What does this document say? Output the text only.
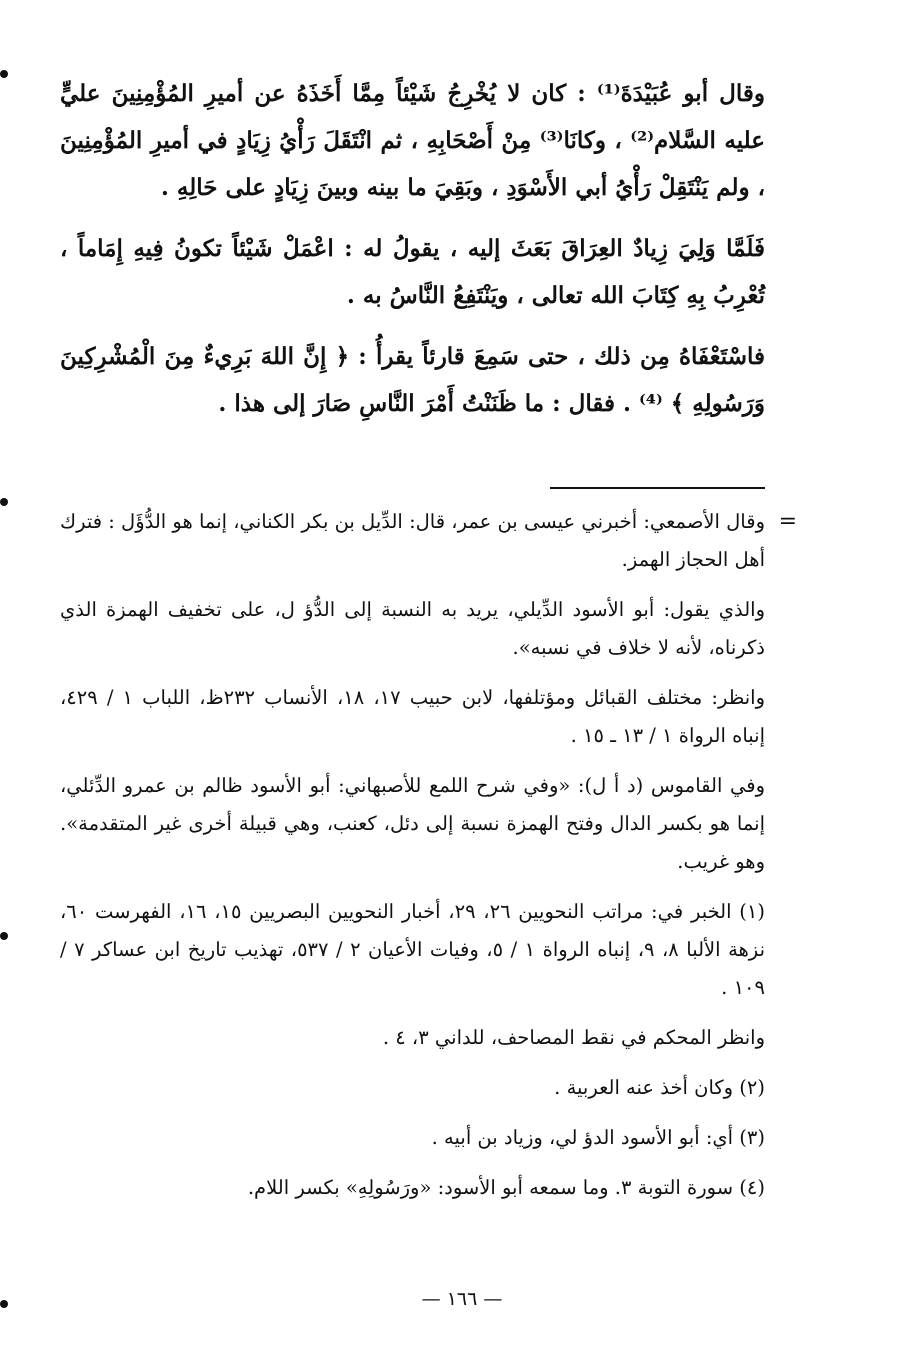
وقال أبو عُبَيْدَةَ⁽¹⁾ : كان لا يُخْرِجُ شَيْئاً مِمَّا أَخَذَهُ عن أميرِ المُؤْمِنِينَ عليٍّ عليه السَّلام⁽²⁾ ، وكانَا⁽³⁾ مِنْ أَصْحَابِهِ ، ثم انْتَقَلَ رَأْيُ زِيَادٍ في أميرِ المُؤْمِنِينَ ، ولم يَنْتَقِلْ رَأْيُ أبي الأَسْوَدِ ، وبَقِيَ ما بينه وبينَ زِيَادٍ على حَالِهِ .

فَلَمَّا وَلِيَ زِيادٌ العِرَاقَ بَعَثَ إليه ، يقولُ له : اعْمَلْ شَيْئاً تكونُ فِيهِ إِمَاماً ، تُعْرِبُ بِهِ كِتَابَ الله تعالى ، ويَنْتَفِعُ النَّاسُ به .

فاسْتَعْفَاهُ مِن ذلك ، حتى سَمِعَ قارئاً يقرأُ : ﴿ إِنَّ اللهَ بَرِيءٌ مِنَ الْمُشْرِكِينَ وَرَسُولِهِ ﴾ ⁽⁴⁾ . فقال : ما ظَنَنْتُ أَمْرَ النَّاسِ صَارَ إلى هذا .

=
وقال الأصمعي: أخبرني عيسى بن عمر، قال: الدِّيل بن بكر الكناني، إنما هو الدُّؤَل : فترك أهل الحجاز الهمز.

والذي يقول: أبو الأسود الدِّيلي، يريد به النسبة إلى الدُّؤ ل، على تخفيف الهمزة الذي ذكرناه، لأنه لا خلاف في نسبه».

وانظر: مختلف القبائل ومؤتلفها، لابن حبيب ١٧، ١٨، الأنساب ٢٣٢ظ، اللباب ١ / ٤٢٩، إنباه الرواة ١ / ١٣ ـ ١٥ .

وفي القاموس (د أ ل): «وفي شرح اللمع للأصبهاني: أبو الأسود ظالم بن عمرو الدِّئلي، إنما هو بكسر الدال وفتح الهمزة نسبة إلى دئل، كعنب، وهي قبيلة أخرى غير المتقدمة». وهو غريب.

(١) الخبر في: مراتب النحويين ٢٦، ٢٩، أخبار النحويين البصريين ١٥، ١٦، الفهرست ٦٠، نزهة الألبا ٨، ٩، إنباه الرواة ١ / ٥، وفيات الأعيان ٢ / ٥٣٧، تهذيب تاريخ ابن عساكر ٧ / ١٠٩ .

وانظر المحكم في نقط المصاحف، للداني ٣، ٤ .

(٢) وكان أخذ عنه العربية .

(٣) أي: أبو الأسود الدؤ لي، وزياد بن أبيه .

(٤) سورة التوبة ٣. وما سمعه أبو الأسود: «ورَسُولِهِ» بكسر اللام.

— ١٦٦ —
